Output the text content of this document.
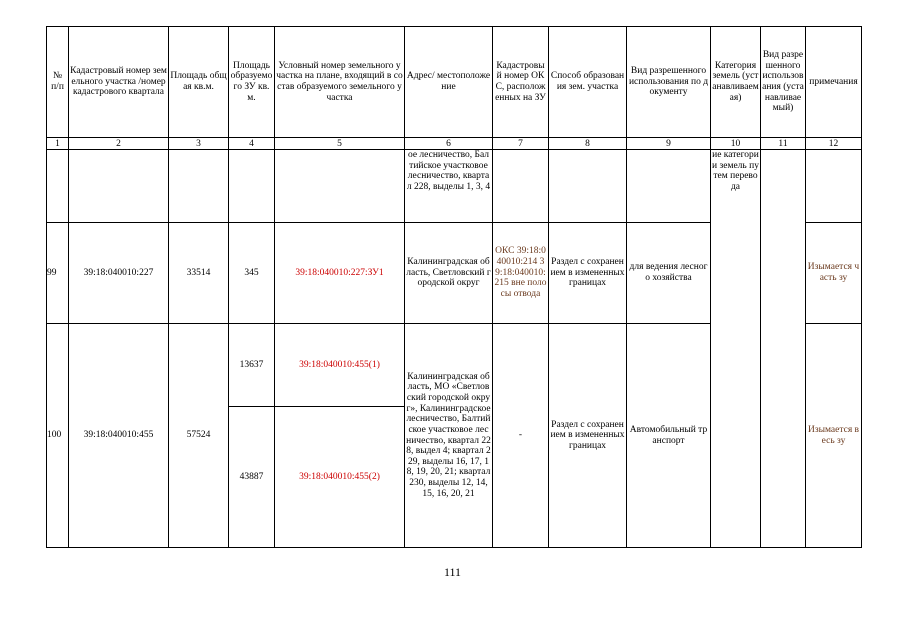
№ п/п	Кадастровый номер земельного участка /номер кадастрового квартала	Площадь общая кв.м.	Площадь образуемого ЗУ кв.м.	Условный номер земельного участка на плане, входящий в состав образуемого земельного участка	Адрес/ местоположение	Кадастровый номер ОКС, расположенных на ЗУ	Способ образования зем. участка	Вид разрешенного использования по документу	Категория земель (устанавливаемая)	Вид разрешенного использования (устанавливаемый)	примечания
1	2	3	4	5	6	7	8	9	10	11	12
					ое лесничество, Балтийское участковое лесничество, квартал 228, выделы 1, 3, 4				ие категории земель путем перевода		
99	39:18:040010:227	33514	345	39:18:040010:227:ЗУ1	Калининградская область, Светловский городской округ	ОКС 39:18:040010:214 39:18:040010:215 вне полосы отвода	Раздел с сохранением в измененных границах	для ведения лесного хозяйства			Изымается часть зу
100	39:18:040010:455	57524	13637	39:18:040010:455(1)	Калининградская область, МО «Светловский городской округ», Калининградское лесничество, Балтийское участковое лесничество, квартал 228, выдел 4; квартал 229, выделы 16, 17, 18, 19, 20, 21; квартал 230, выделы 12, 14, 15, 16, 20, 21	-	Раздел с сохранением в измененных границах	Автомобильный транспорт			Изымается весь зу
			43887	39:18:040010:455(2)							
111
